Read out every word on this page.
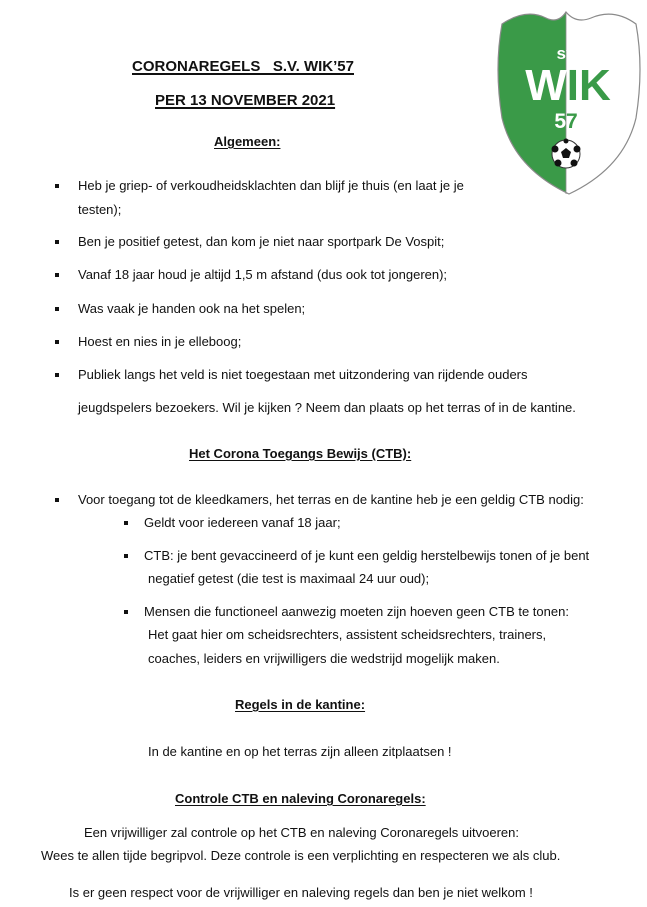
sv
WIK
57
CORONAREGELS   S.V. WIK’57
PER 13 NOVEMBER 2021
Algemeen:
Heb je griep- of verkoudheidsklachten dan blijf je thuis (en laat je je
testen);
Ben je positief getest, dan kom je niet naar sportpark De Vospit;
Vanaf 18 jaar houd je altijd 1,5 m afstand (dus ook tot jongeren);
Was vaak je handen ook na het spelen;
Hoest en nies in je elleboog;
Publiek langs het veld is niet toegestaan met uitzondering van rijdende ouders
jeugdspelers bezoekers. Wil je kijken ? Neem dan plaats op het terras of in de kantine.
Het Corona Toegangs Bewijs (CTB):
Voor toegang tot de kleedkamers, het terras en de kantine heb je een geldig CTB nodig:
Geldt voor iedereen vanaf 18 jaar;
CTB: je bent gevaccineerd of je kunt een geldig herstelbewijs tonen of je bent
negatief getest (die test is maximaal 24 uur oud);
Mensen die functioneel aanwezig moeten zijn hoeven geen CTB te tonen:
Het gaat hier om scheidsrechters, assistent scheidsrechters, trainers,
coaches, leiders en vrijwilligers die wedstrijd mogelijk maken.
Regels in de kantine:
In de kantine en op het terras zijn alleen zitplaatsen !
Controle CTB en naleving Coronaregels:
Een vrijwilliger zal controle op het CTB en naleving Coronaregels uitvoeren:
Wees te allen tijde begripvol. Deze controle is een verplichting en respecteren we als club.
Is er geen respect voor de vrijwilliger en naleving regels dan ben je niet welkom !
